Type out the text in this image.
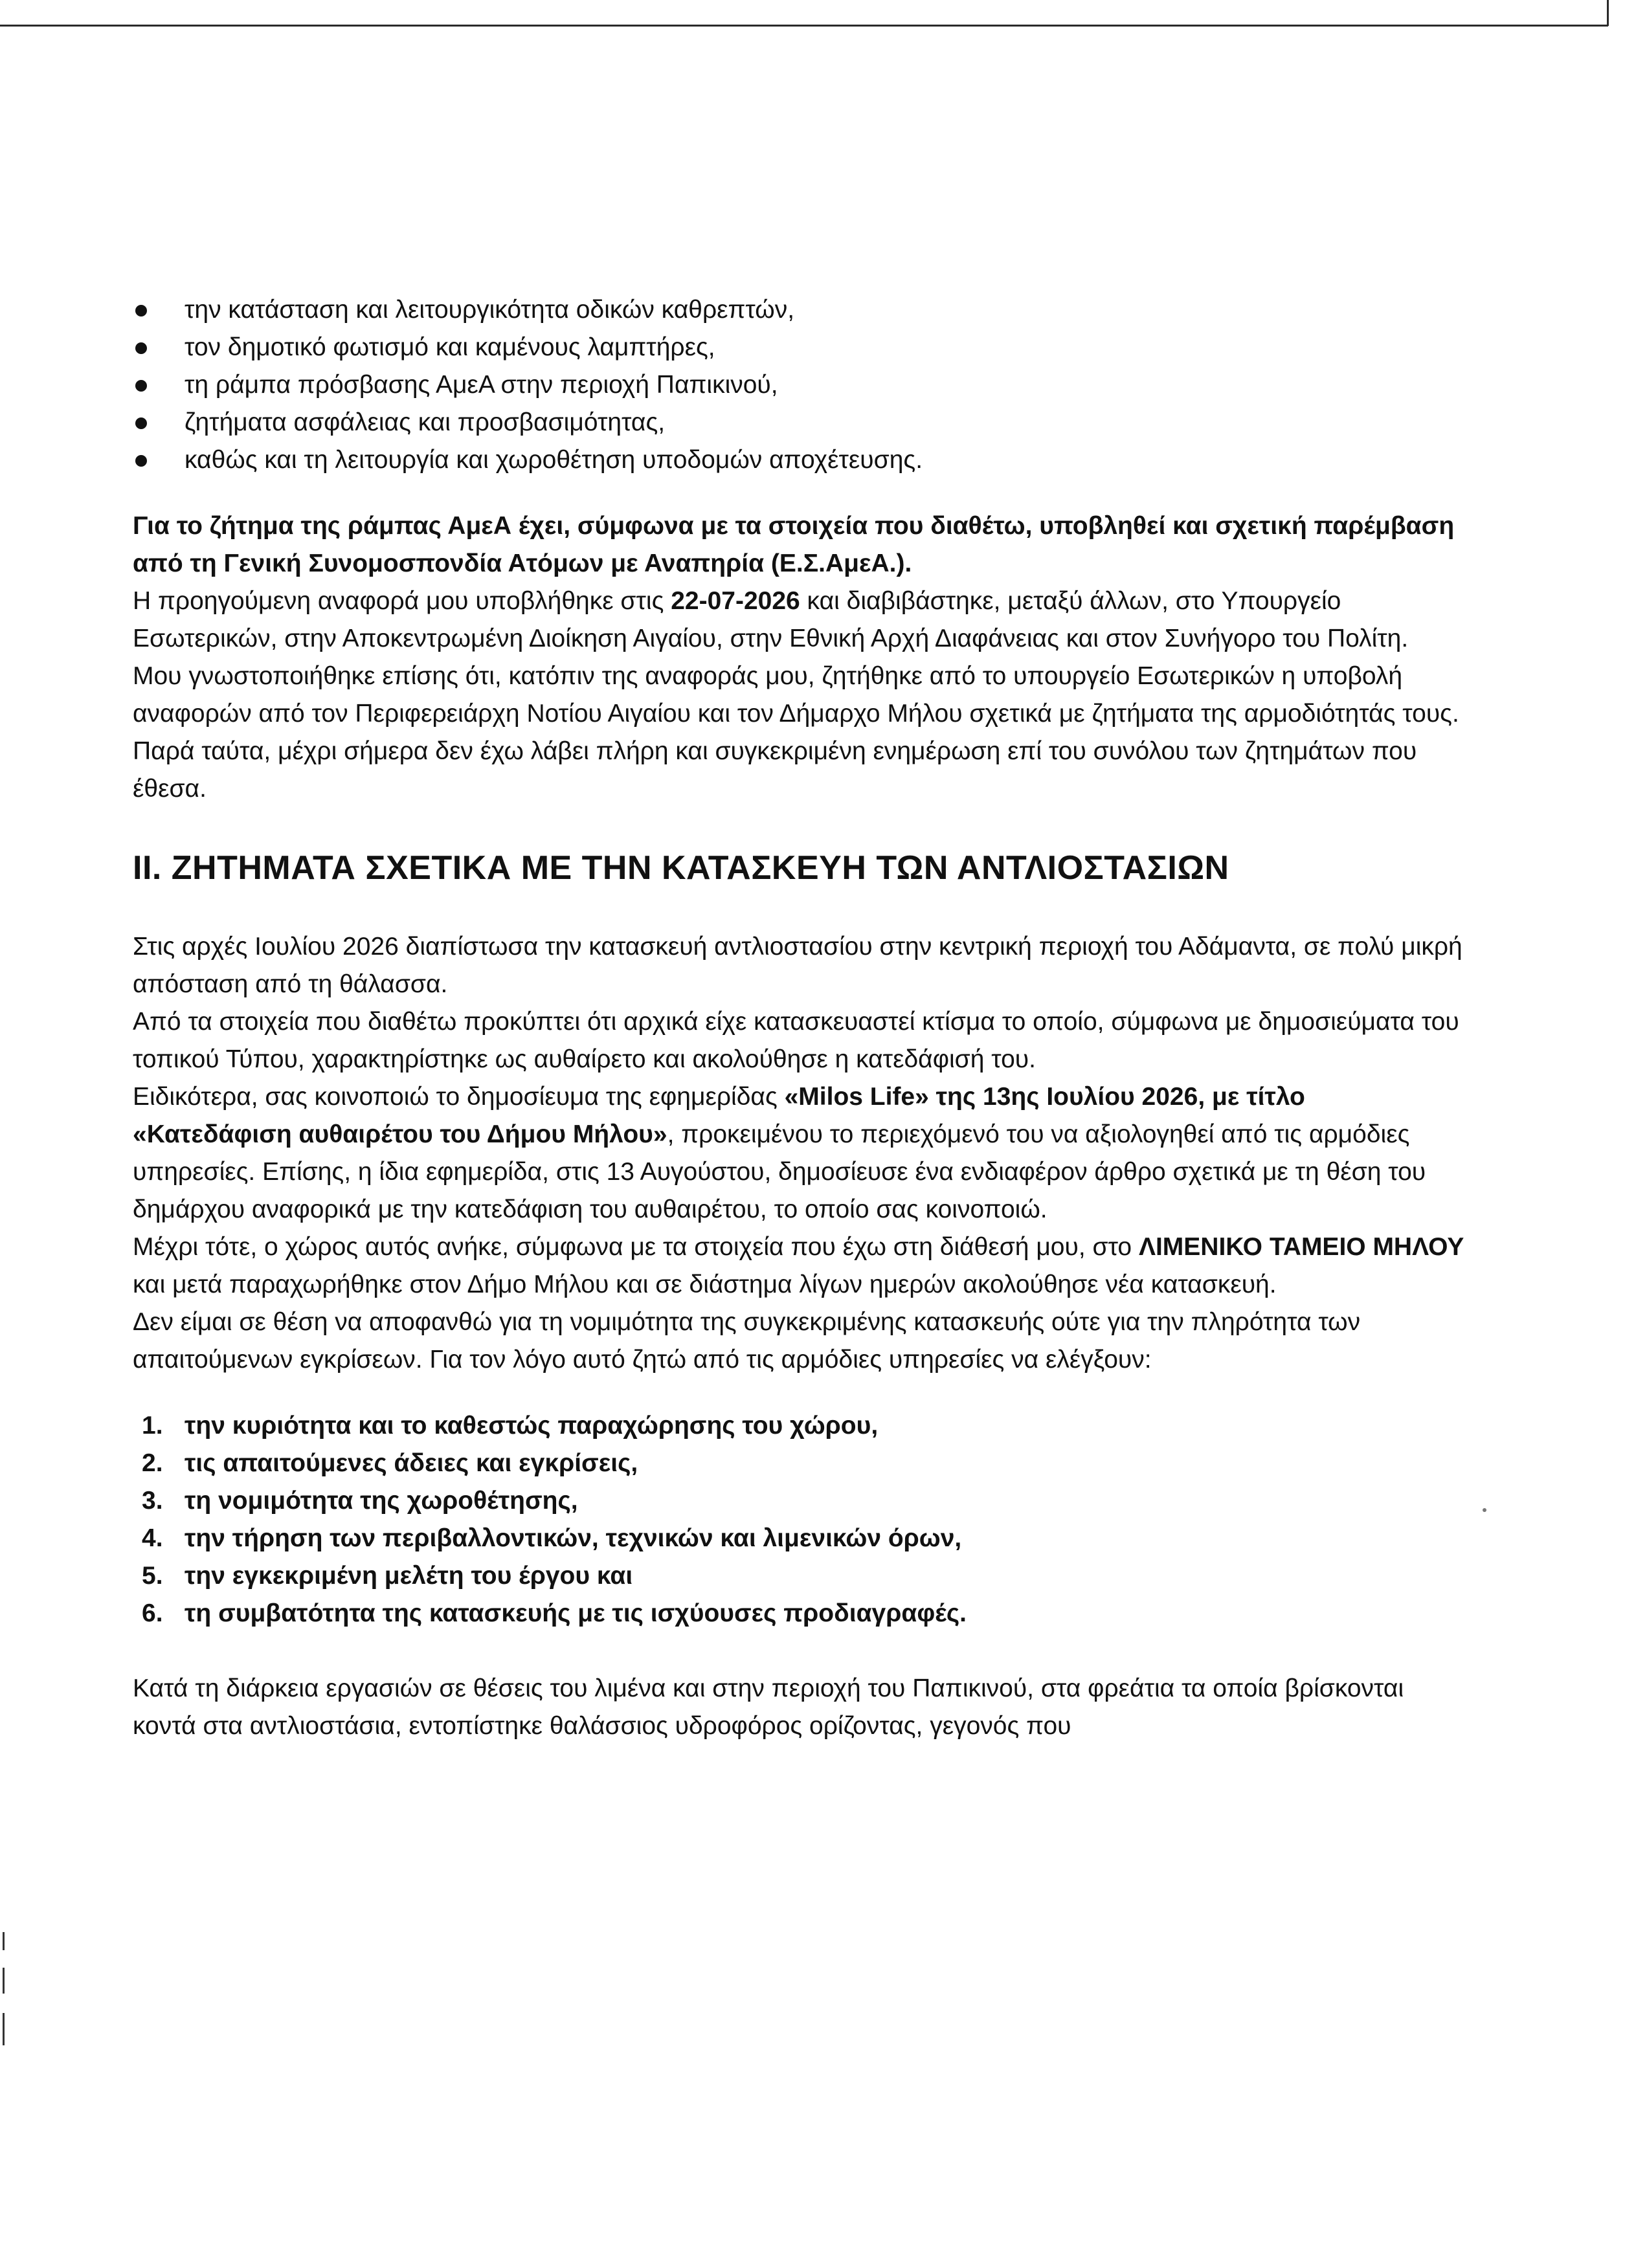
την κατάσταση και λειτουργικότητα οδικών καθρεπτών,
τον δημοτικό φωτισμό και καμένους λαμπτήρες,
τη ράμπα πρόσβασης ΑμεΑ στην περιοχή Παπικινού,
ζητήματα ασφάλειας και προσβασιμότητας,
καθώς και τη λειτουργία και χωροθέτηση υποδομών αποχέτευσης.

Για το ζήτημα της ράμπας ΑμεΑ έχει, σύμφωνα με τα στοιχεία που διαθέτω, υποβληθεί και σχετική παρέμβαση από τη Γενική Συνομοσπονδία Ατόμων με Αναπηρία (Ε.Σ.ΑμεΑ.).

Η προηγούμενη αναφορά μου υποβλήθηκε στις 22-07-2026 και διαβιβάστηκε, μεταξύ άλλων, στο Υπουργείο Εσωτερικών, στην Αποκεντρωμένη Διοίκηση Αιγαίου, στην Εθνική Αρχή Διαφάνειας και στον Συνήγορο του Πολίτη.

Μου γνωστοποιήθηκε επίσης ότι, κατόπιν της αναφοράς μου, ζητήθηκε από το υπουργείο Εσωτερικών η υποβολή αναφορών από τον Περιφερειάρχη Νοτίου Αιγαίου και τον Δήμαρχο Μήλου σχετικά με ζητήματα της αρμοδιότητάς τους.

Παρά ταύτα, μέχρι σήμερα δεν έχω λάβει πλήρη και συγκεκριμένη ενημέρωση επί του συνόλου των ζητημάτων που έθεσα.

ΙΙ. ΖΗΤΗΜΑΤΑ ΣΧΕΤΙΚΑ ΜΕ ΤΗΝ ΚΑΤΑΣΚΕΥΗ ΤΩΝ ΑΝΤΛΙΟΣΤΑΣΙΩΝ

Στις αρχές Ιουλίου 2026 διαπίστωσα την κατασκευή αντλιοστασίου στην κεντρική περιοχή του Αδάμαντα, σε πολύ μικρή απόσταση από τη θάλασσα.

Από τα στοιχεία που διαθέτω προκύπτει ότι αρχικά είχε κατασκευαστεί κτίσμα το οποίο, σύμφωνα με δημοσιεύματα του τοπικού Τύπου, χαρακτηρίστηκε ως αυθαίρετο και ακολούθησε η κατεδάφισή του.

Ειδικότερα, σας κοινοποιώ το δημοσίευμα της εφημερίδας «Milos Life» της 13ης Ιουλίου 2026, με τίτλο «Κατεδάφιση αυθαιρέτου του Δήμου Μήλου», προκειμένου το περιεχόμενό του να αξιολογηθεί από τις αρμόδιες υπηρεσίες. Επίσης, η ίδια εφημερίδα, στις 13 Αυγούστου, δημοσίευσε ένα ενδιαφέρον άρθρο σχετικά με τη θέση του δημάρχου αναφορικά με την κατεδάφιση του αυθαιρέτου, το οποίο σας κοινοποιώ.

Μέχρι τότε, ο χώρος αυτός ανήκε, σύμφωνα με τα στοιχεία που έχω στη διάθεσή μου, στο ΛΙΜΕΝΙΚΟ ΤΑΜΕΙΟ ΜΗΛΟΥ και μετά παραχωρήθηκε στον Δήμο Μήλου και σε διάστημα λίγων ημερών ακολούθησε νέα κατασκευή.

Δεν είμαι σε θέση να αποφανθώ για τη νομιμότητα της συγκεκριμένης κατασκευής ούτε για την πληρότητα των απαιτούμενων εγκρίσεων. Για τον λόγο αυτό ζητώ από τις αρμόδιες υπηρεσίες να ελέγξουν:

1. την κυριότητα και το καθεστώς παραχώρησης του χώρου,
2. τις απαιτούμενες άδειες και εγκρίσεις,
3. τη νομιμότητα της χωροθέτησης,
4. την τήρηση των περιβαλλοντικών, τεχνικών και λιμενικών όρων,
5. την εγκεκριμένη μελέτη του έργου και
6. τη συμβατότητα της κατασκευής με τις ισχύουσες προδιαγραφές.

Κατά τη διάρκεια εργασιών σε θέσεις του λιμένα και στην περιοχή του Παπικινού, στα φρεάτια τα οποία βρίσκονται κοντά στα αντλιοστάσια, εντοπίστηκε θαλάσσιος υδροφόρος ορίζοντας, γεγονός που
